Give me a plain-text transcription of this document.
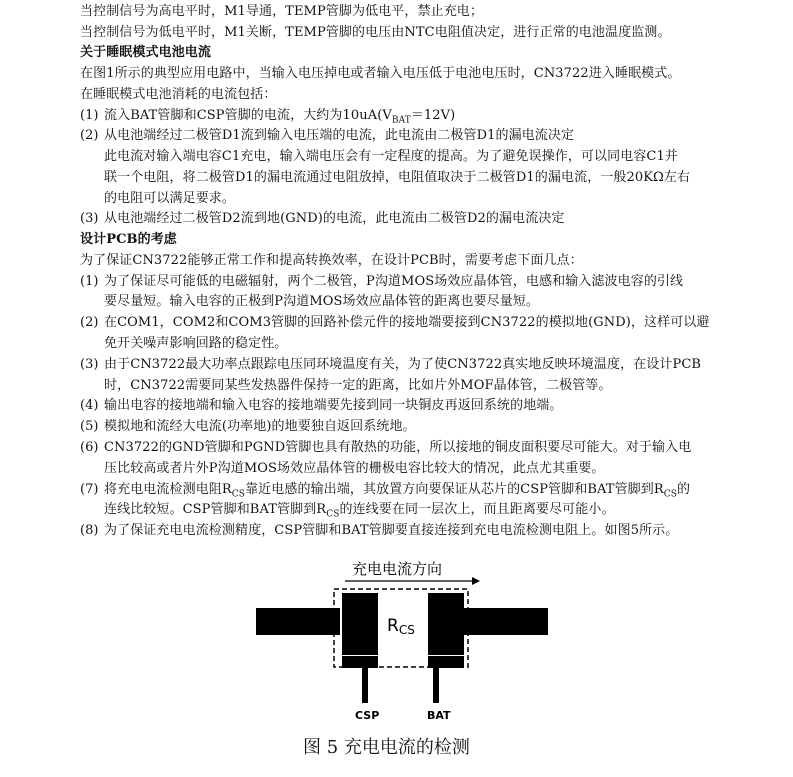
当控制信号为高电平时，M1导通，TEMP管脚为低电平，禁止充电；
当控制信号为低电平时，M1关断，TEMP管脚的电压由NTC电阻值决定，进行正常的电池温度监测。
关于睡眠模式电池电流
在图1所示的典型应用电路中，当输入电压掉电或者输入电压低于电池电压时，CN3722进入睡眠模式。
在睡眠模式电池消耗的电流包括：
(1) 流入BAT管脚和CSP管脚的电流，大约为$10uA(V_{BAT}=12V)$
(2) 从电池端经过二极管D1流到输入电压端的电流，此电流由二极管D1的漏电流决定
此电流对输入端电容C1充电，输入端电压会有一定程度的提高。为了避免误操作，可以同电容C1并
联一个电阻，将二极管D1的漏电流通过电阻放掉，电阻值取决于二极管D1的漏电流，一般20KΩ左右
的电阻可以满足要求。
(3) 从电池端经过二极管D2流到地(GND)的电流，此电流由二极管D2的漏电流决定
设计PCB的考虑
为了保证CN3722能够正常工作和提高转换效率，在设计PCB时，需要考虑下面几点：
(1) 为了保证尽可能低的电磁辐射，两个二极管，P沟道MOS场效应晶体管，电感和输入滤波电容的引线
要尽量短。输入电容的正极到P沟道MOS场效应晶体管的距离也要尽量短。
(2) 在COM1，COM2和COM3管脚的回路补偿元件的接地端要接到CN3722的模拟地(GND)，这样可以避
免开关噪声影响回路的稳定性。
(3) 由于CN3722最大功率点跟踪电压同环境温度有关，为了使CN3722真实地反映环境温度，在设计PCB
时，CN3722需要同某些发热器件保持一定的距离，比如片外MOF晶体管，二极管等。
(4) 输出电容的接地端和输入电容的接地端要先接到同一块铜皮再返回系统的地端。
(5) 模拟地和流经大电流(功率地)的地要独自返回系统地。
(6) CN3722的GND管脚和PGND管脚也具有散热的功能，所以接地的铜皮面积要尽可能大。对于输入电
压比较高或者片外P沟道MOS场效应晶体管的栅极电容比较大的情况，此点尤其重要。
(7) 将充电电流检测电阻$R_{CS}$靠近电感的输出端，其放置方向要保证从芯片的CSP管脚和BAT管脚到$R_{CS}$的
连线比较短。CSP管脚和BAT管脚到$R_{CS}$的连线要在同一层次上，而且距离要尽可能小。
(8) 为了保证充电电流检测精度，CSP管脚和BAT管脚要直接连接到充电电流检测电阻上。如图5所示。
充电电流方向
RCS
CSP	BAT
图 5 充电电流的检测
